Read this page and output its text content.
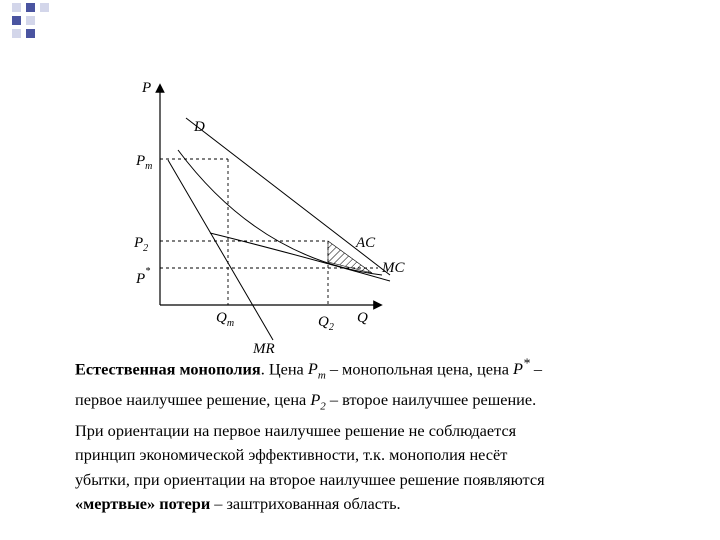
P
Q
D
AC
MC
MR
$P_m$
$P_2$
P*
$Q_m$	$Q_2$
Естественная монополия. Цена $P_m$ – монопольная цена, цена P* –
первое наилучшее решение, цена $P_2$ – второе наилучшее решение.
При ориентации на первое наилучшее решение не соблюдается
принцип экономической эффективности, т.к. монополия несёт
убытки, при ориентации на второе наилучшее решение появляются
«мертвые» потери – заштрихованная область.
